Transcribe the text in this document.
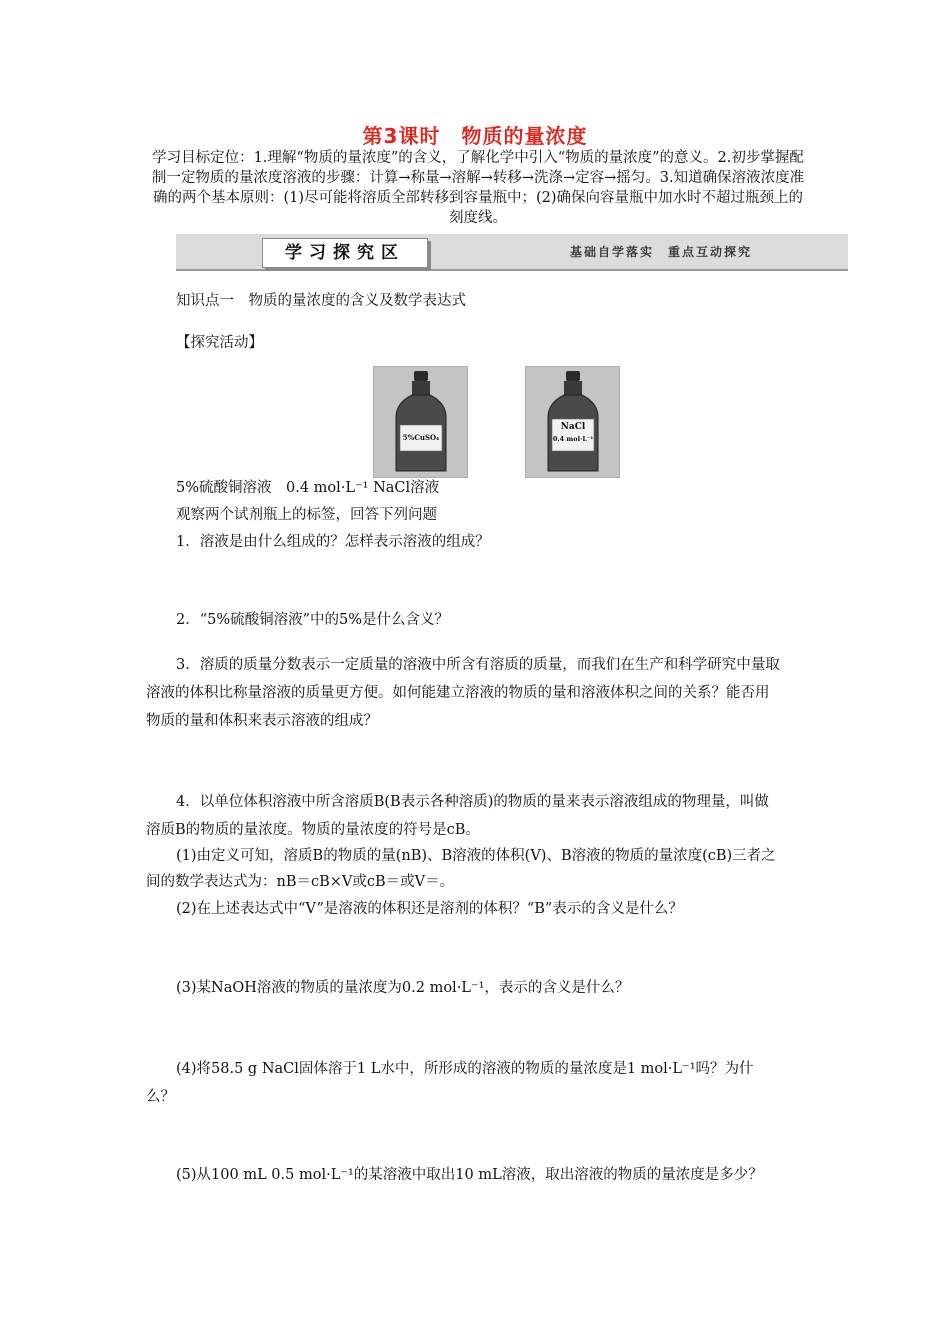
第3课时　物质的量浓度
学习目标定位：1.理解“物质的量浓度”的含义，了解化学中引入“物质的量浓度”的意义。2.初步掌握配制一定物质的量浓度溶液的步骤：计算→称量→溶解→转移→洗涤→定容→摇匀。3.知道确保溶液浓度准确的两个基本原则：(1)尽可能将溶质全部转移到容量瓶中；(2)确保向容量瓶中加水时不超过瓶颈上的刻度线。
学习探究区	基础自学落实　重点互动探究
知识点一　物质的量浓度的含义及数学表达式
【探究活动】
5%CuSO₄
NaCl
0.4 mol·L⁻¹
5%硫酸铜溶液　0.4 mol·L⁻¹ NaCl溶液
观察两个试剂瓶上的标签，回答下列问题
1．溶液是由什么组成的？怎样表示溶液的组成？
2．“5%硫酸铜溶液”中的5%是什么含义？
3．溶质的质量分数表示一定质量的溶液中所含有溶质的质量，而我们在生产和科学研究中量取溶液的体积比称量溶液的质量更方便。如何能建立溶液的物质的量和溶液体积之间的关系？能否用物质的量和体积来表示溶液的组成？
4．以单位体积溶液中所含溶质B(B表示各种溶质)的物质的量来表示溶液组成的物理量，叫做溶质B的物质的量浓度。物质的量浓度的符号是cB。
(1)由定义可知，溶质B的物质的量(nB)、B溶液的体积(V)、B溶液的物质的量浓度(cB)三者之间的数学表达式为：nB＝cB×V或cB＝或V＝。
(2)在上述表达式中“V”是溶液的体积还是溶剂的体积？“B”表示的含义是什么？
(3)某NaOH溶液的物质的量浓度为0.2 mol·L⁻¹，表示的含义是什么？
(4)将58.5 g NaCl固体溶于1 L水中，所形成的溶液的物质的量浓度是1 mol·L⁻¹吗？为什么？
(5)从100 mL 0.5 mol·L⁻¹的某溶液中取出10 mL溶液，取出溶液的物质的量浓度是多少？
